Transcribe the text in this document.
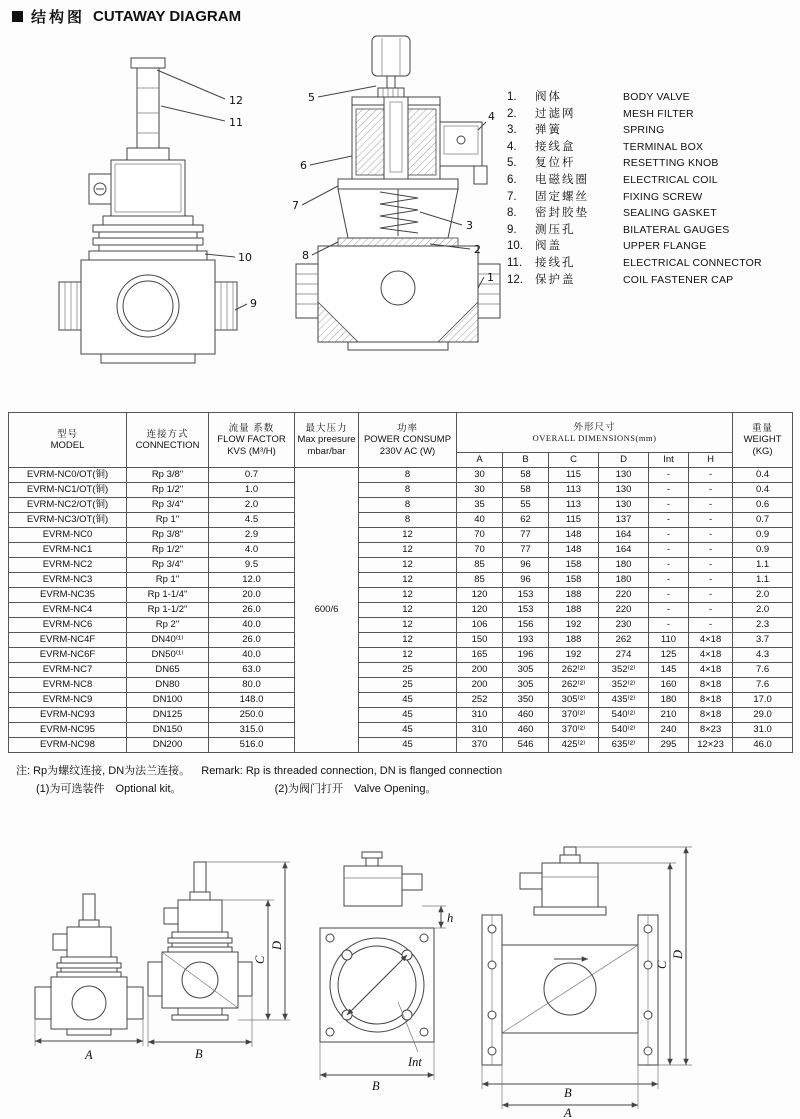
结构图 CUTAWAY DIAGRAM
12
11
10
9
5
4
6
7
3
2
8
1
1.	阀体	BODY VALVE
2.	过滤网	MESH FILTER
3.	弹簧	SPRING
4.	接线盒	TERMINAL BOX
5.	复位杆	RESETTING KNOB
6.	电磁线圈	ELECTRICAL COIL
7.	固定螺丝	FIXING SCREW
8.	密封胶垫	SEALING GASKET
9.	测压孔	BILATERAL GAUGES
10.	阀盖	UPPER FLANGE
11.	接线孔	ELECTRICAL CONNECTOR
12.	保护盖	COIL FASTENER CAP
型号
MODEL

连接方式
CONNECTION

流量 系数
FLOW FACTOR
KVS (M³/H)

最大压力
Max preesure
mbar/bar

功率
POWER CONSUMP
230V AC (W)

外形尺寸
OVERALL DIMENSIONS(mm)

重量
WEIGHT
(KG)

					A	B	C	D	Int	H	
EVRM-NC0/OT(铜)	Rp 3/8"	0.7	600/6	8	30	58	115	130	-	-	0.4
EVRM-NC1/OT(铜)	Rp 1/2"	1.0		8	30	58	113	130	-	-	0.4
EVRM-NC2/OT(铜)	Rp 3/4"	2.0		8	35	55	113	130	-	-	0.6
EVRM-NC3/OT(铜)	Rp 1"	4.5		8	40	62	115	137	-	-	0.7
EVRM-NC0	Rp 3/8"	2.9		12	70	77	148	164	-	-	0.9
EVRM-NC1	Rp 1/2"	4.0		12	70	77	148	164	-	-	0.9
EVRM-NC2	Rp 3/4"	9.5		12	85	96	158	180	-	-	1.1
EVRM-NC3	Rp 1"	12.0		12	85	96	158	180	-	-	1.1
EVRM-NC35	Rp 1-1/4"	20.0		12	120	153	188	220	-	-	2.0
EVRM-NC4	Rp 1-1/2"	26.0		12	120	153	188	220	-	-	2.0
EVRM-NC6	Rp 2"	40.0		12	106	156	192	230	-	-	2.3
EVRM-NC4F	DN40⁽¹⁾	26.0		12	150	193	188	262	110	4×18	3.7
EVRM-NC6F	DN50⁽¹⁾	40.0		12	165	196	192	274	125	4×18	4.3
EVRM-NC7	DN65	63.0		25	200	305	262⁽²⁾	352⁽²⁾	145	4×18	7.6
EVRM-NC8	DN80	80.0		25	200	305	262⁽²⁾	352⁽²⁾	160	8×18	7.6
EVRM-NC9	DN100	148.0		45	252	350	305⁽²⁾	435⁽²⁾	180	8×18	17.0
EVRM-NC93	DN125	250.0		45	310	460	370⁽²⁾	540⁽²⁾	210	8×18	29.0
EVRM-NC95	DN150	315.0		45	310	460	370⁽²⁾	540⁽²⁾	240	8×23	31.0
EVRM-NC98	DN200	516.0		45	370	546	425⁽²⁾	635⁽²⁾	295	12×23	46.0
注: Rp为螺纹连接, DN为法兰连接。 Remark: Rp is threaded connection, DN is flanged connection
(1)为可选装件 Optional kit。	(2)为阀门打开 Valve Opening。
A	B
C
D
h
Int
B
C
D
B
A
